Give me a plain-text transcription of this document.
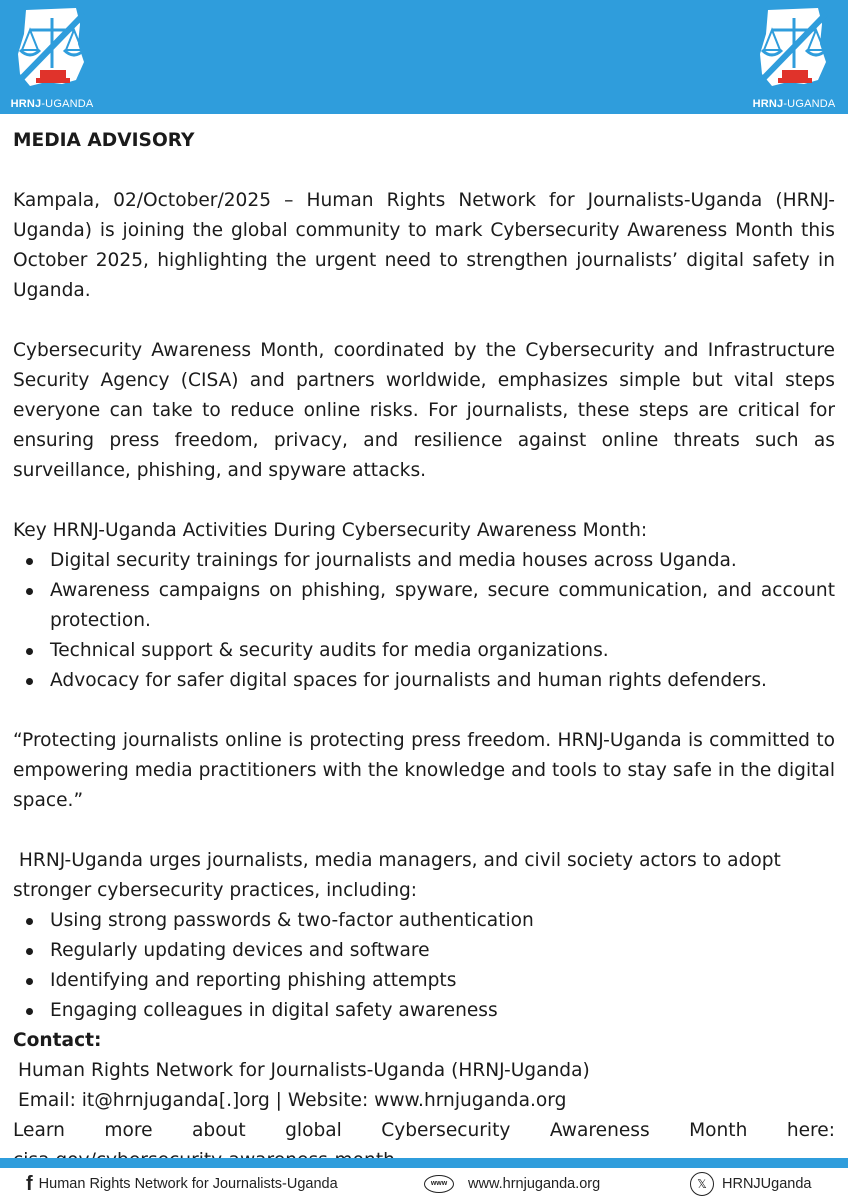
HRNJ-UGANDA	HRNJ-UGANDA
MEDIA ADVISORY

Kampala, 02/October/2025 – Human Rights Network for Journalists-Uganda (HRNJ-Uganda) is joining the global community to mark Cybersecurity Awareness Month this October 2025, highlighting the urgent need to strengthen journalists’ digital safety in Uganda.

Cybersecurity Awareness Month, coordinated by the Cybersecurity and Infrastructure Security Agency (CISA) and partners worldwide, emphasizes simple but vital steps everyone can take to reduce online risks. For journalists, these steps are critical for ensuring press freedom, privacy, and resilience against online threats such as surveillance, phishing, and spyware attacks.

Key HRNJ-Uganda Activities During Cybersecurity Awareness Month:

Digital security trainings for journalists and media houses across Uganda.
Awareness campaigns on phishing, spyware, secure communication, and account protection.
Technical support & security audits for media organizations.
Advocacy for safer digital spaces for journalists and human rights defenders.

“Protecting journalists online is protecting press freedom. HRNJ-Uganda is committed to empowering media practitioners with the knowledge and tools to stay safe in the digital space.”

HRNJ-Uganda urges journalists, media managers, and civil society actors to adopt stronger cybersecurity practices, including:

Using strong passwords & two-factor authentication
Regularly updating devices and software
Identifying and reporting phishing attempts
Engaging colleagues in digital safety awareness

Contact:

Human Rights Network for Journalists-Uganda (HRNJ-Uganda)

Email: it@hrnjuganda[.]org | Website: www.hrnjuganda.org

Learn more about global Cybersecurity Awareness Month here:

f Human Rights Network for Journalists-Uganda	www	www.hrnjuganda.org	𝕏	HRNJUganda
